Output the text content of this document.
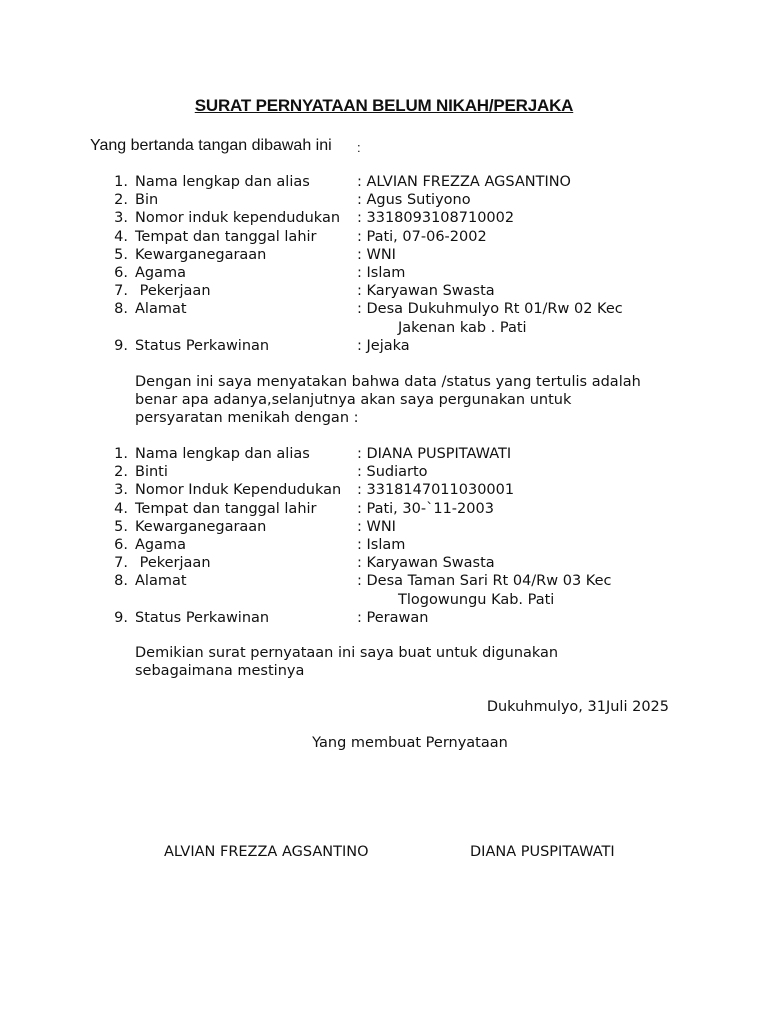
SURAT PERNYATAAN BELUM NIKAH/PERJAKA
Yang bertanda tangan dibawah ini :
1. Nama lengkap dan alias	: ALVIAN FREZZA AGSANTINO
2. Bin	: Agus Sutiyono
3. Nomor induk kependudukan : 3318093108710002
4. Tempat dan tanggal lahir	: Pati, 07-06-2002
5. Kewarganegaraan	: WNI
6. Agama	: Islam
7. Pekerjaan	: Karyawan Swasta
8. Alamat	: Desa Dukuhmulyo Rt 01/Rw 02 Kec
Jakenan kab . Pati
9. Status Perkawinan	: Jejaka
Dengan ini saya menyatakan bahwa data /status yang tertulis adalah
benar apa adanya,selanjutnya akan saya pergunakan untuk
persyaratan menikah dengan :
1. Nama lengkap dan alias	: DIANA PUSPITAWATI
2. Binti	: Sudiarto
3. Nomor Induk Kependudukan : 3318147011030001
4. Tempat dan tanggal lahir	: Pati, 30-`11-2003
5. Kewarganegaraan	: WNI
6. Agama	: Islam
7. Pekerjaan	: Karyawan Swasta
8. Alamat	: Desa Taman Sari Rt 04/Rw 03 Kec
Tlogowungu Kab. Pati
9. Status Perkawinan	: Perawan
Demikian surat pernyataan ini saya buat untuk digunakan
sebagaimana mestinya
Dukuhmulyo, 31Juli 2025
Yang membuat Pernyataan
ALVIAN FREZZA AGSANTINO	DIANA PUSPITAWATI
